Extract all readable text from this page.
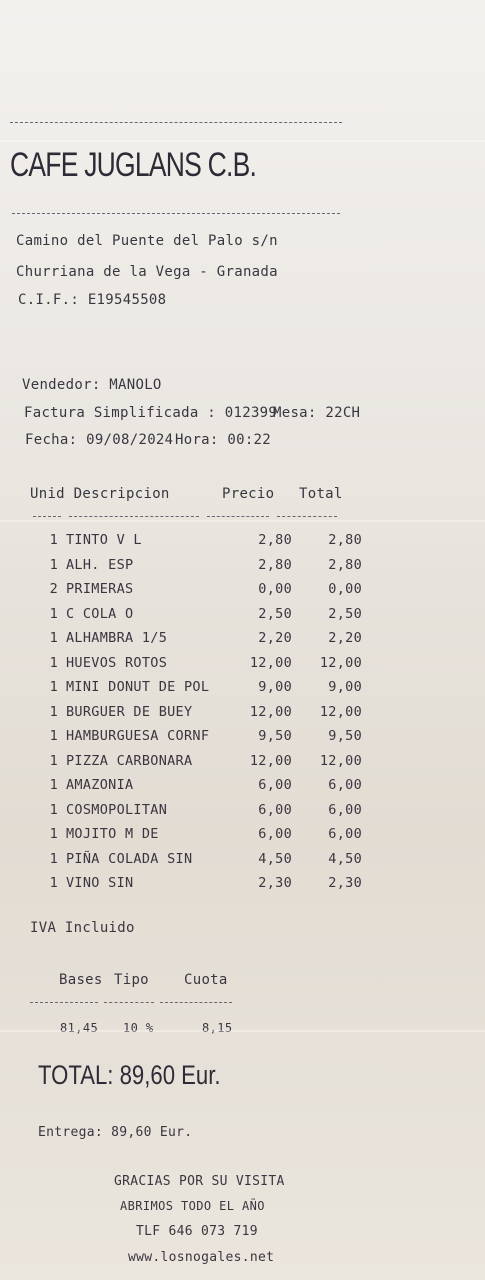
CAFE JUGLANS C.B.
Camino del Puente del Palo s/n
Churriana de la Vega - Granada
C.I.F.: E19545508
Vendedor: MANOLO
Factura Simplificada : 012399
Mesa: 22CH
Fecha: 09/08/2024 Hora: 00:22
Unid Descripcion	Precio Total
1	TINTO V L	2,80	2,80
1	ALH. ESP	2,80	2,80
2	PRIMERAS	0,00	0,00
1	C COLA O	2,50	2,50
1	ALHAMBRA 1/5	2,20	2,20
1	HUEVOS ROTOS	12,00	12,00
1	MINI DONUT DE POL	9,00	9,00
1	BURGUER DE BUEY	12,00	12,00
1	HAMBURGUESA CORNF	9,50	9,50
1	PIZZA CARBONARA	12,00	12,00
1	AMAZONIA	6,00	6,00
1	COSMOPOLITAN	6,00	6,00
1	MOJITO M DE	6,00	6,00
1	PIÑA COLADA SIN	4,50	4,50
1	VINO SIN	2,30	2,30
IVA Incluido
Bases Tipo	Cuota
81,45 10 %	8,15
TOTAL: 89,60 Eur.
Entrega: 89,60 Eur.
GRACIAS POR SU VISITA
ABRIMOS TODO EL AÑO
TLF 646 073 719
www.losnogales.net
